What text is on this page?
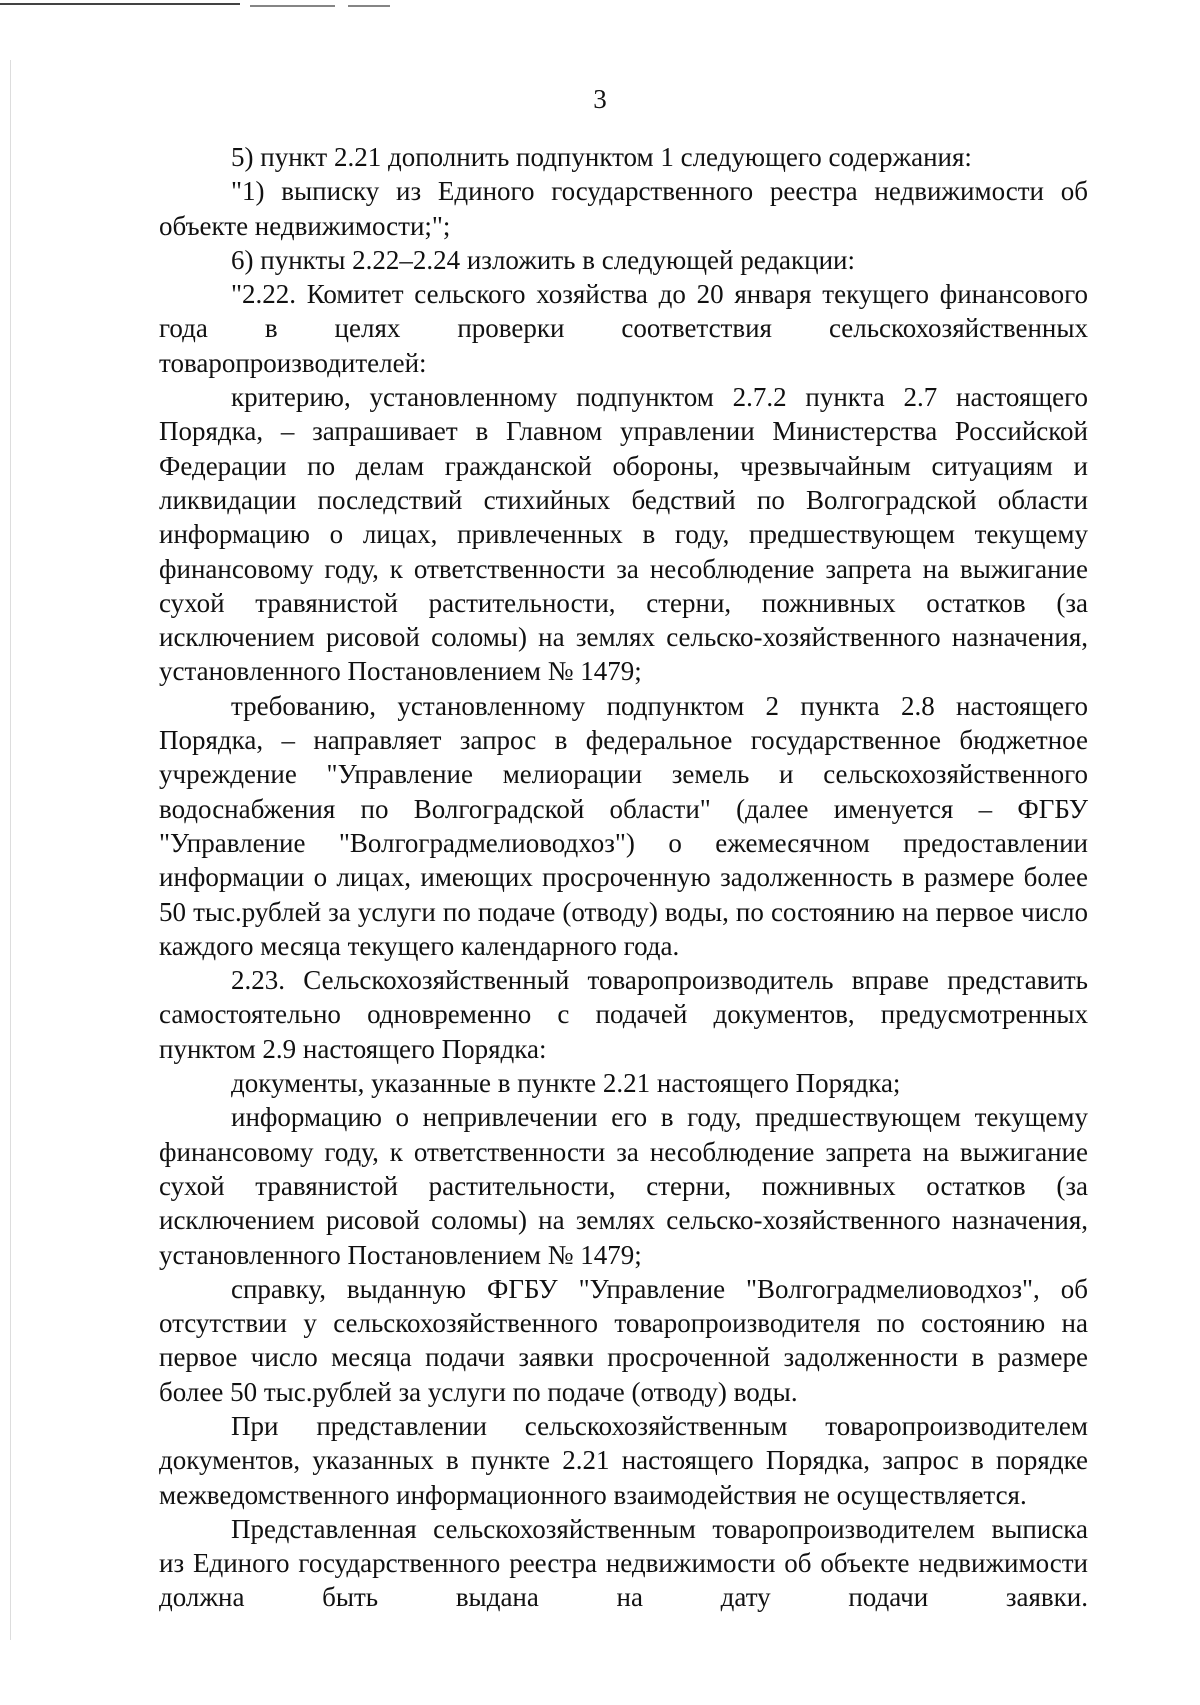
3

5) пункт 2.21 дополнить подпунктом 1 следующего содержания:

"1) выписку из Единого государственного реестра недвижимости об объекте недвижимости;";

6) пункты 2.22–2.24 изложить в следующей редакции:

"2.22. Комитет сельского хозяйства до 20 января текущего финансового года в целях проверки соответствия сельскохозяйственных товаропроизводителей:

критерию, установленному подпунктом 2.7.2 пункта 2.7 настоящего Порядка, – запрашивает в Главном управлении Министерства Российской Федерации по делам гражданской обороны, чрезвычайным ситуациям и ликвидации последствий стихийных бедствий по Волгоградской области информацию о лицах, привлеченных в году, предшествующем текущему финансовому году, к ответственности за несоблюдение запрета на выжигание сухой травянистой растительности, стерни, пожнивных остатков (за исключением рисовой соломы) на землях сельско-хозяйственного назначения, установленного Постановлением № 1479;

требованию, установленному подпунктом 2 пункта 2.8 настоящего Порядка, – направляет запрос в федеральное государственное бюджетное учреждение "Управление мелиорации земель и сельскохозяйственного водоснабжения по Волгоградской области" (далее именуется – ФГБУ "Управление "Волгоградмелиоводхоз") о ежемесячном предоставлении информации о лицах, имеющих просроченную задолженность в размере более 50 тыс.рублей за услуги по подаче (отводу) воды, по состоянию на первое число каждого месяца текущего календарного года.

2.23. Сельскохозяйственный товаропроизводитель вправе представить самостоятельно одновременно с подачей документов, предусмотренных пунктом 2.9 настоящего Порядка:

документы, указанные в пункте 2.21 настоящего Порядка;

информацию о непривлечении его в году, предшествующем текущему финансовому году, к ответственности за несоблюдение запрета на выжигание сухой травянистой растительности, стерни, пожнивных остатков (за исключением рисовой соломы) на землях сельско-хозяйственного назначения, установленного Постановлением № 1479;

справку, выданную ФГБУ "Управление "Волгоградмелиоводхоз", об отсутствии у сельскохозяйственного товаропроизводителя по состоянию на первое число месяца подачи заявки просроченной задолженности в размере более 50 тыс.рублей за услуги по подаче (отводу) воды.

При представлении сельскохозяйственным товаропроизводителем документов, указанных в пункте 2.21 настоящего Порядка, запрос в порядке межведомственного информационного взаимодействия не осуществляется.

Представленная сельскохозяйственным товаропроизводителем выписка из Единого государственного реестра недвижимости об объекте недвижимости должна быть выдана на дату подачи заявки.
